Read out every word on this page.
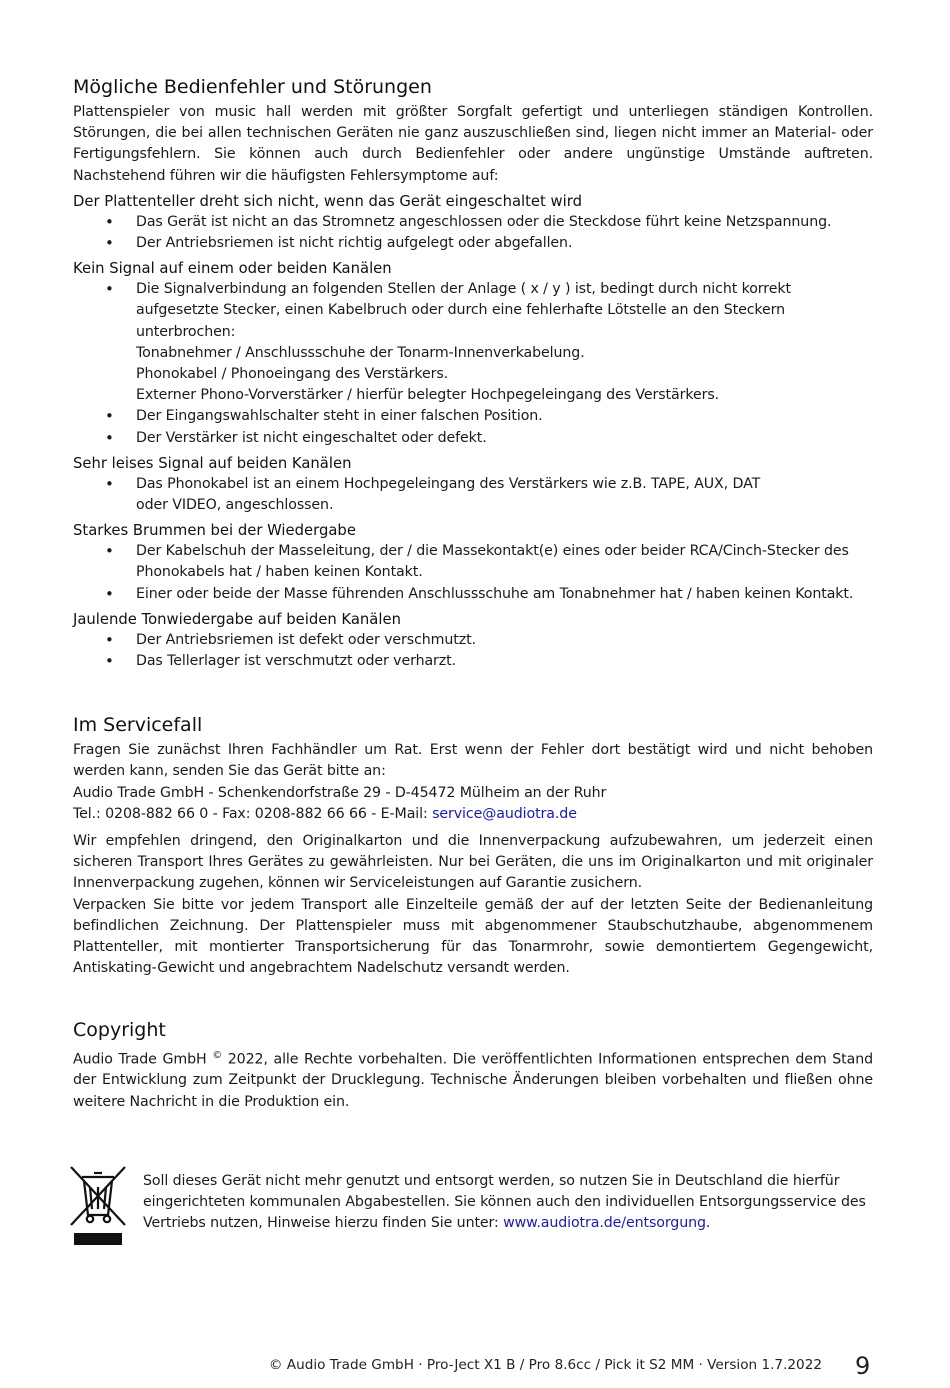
Mögliche Bedienfehler und Störungen

Plattenspieler von music hall werden mit größter Sorgfalt gefertigt und unterliegen ständigen Kontrollen. Störungen, die bei allen technischen Geräten nie ganz auszuschließen sind, liegen nicht immer an Material- oder Fertigungsfehlern. Sie können auch durch Bedienfehler oder andere ungünstige Umstände auftreten. Nachstehend führen wir die häufigsten Fehlersymptome auf:

Der Plattenteller dreht sich nicht, wenn das Gerät eingeschaltet wird
• Das Gerät ist nicht an das Stromnetz angeschlossen oder die Steckdose führt keine Netzspannung.
• Der Antriebsriemen ist nicht richtig aufgelegt oder abgefallen.
Kein Signal auf einem oder beiden Kanälen
• Die Signalverbindung an folgenden Stellen der Anlage ( x / y ) ist, bedingt durch nicht korrekt aufgesetzte Stecker, einen Kabelbruch oder durch eine fehlerhafte Lötstelle an den Steckern unterbrochen:
Tonabnehmer / Anschlussschuhe der Tonarm-Innenverkabelung.
Phonokabel / Phonoeingang des Verstärkers.
Externer Phono-Vorverstärker / hierfür belegter Hochpegeleingang des Verstärkers.
• Der Eingangswahlschalter steht in einer falschen Position.
• Der Verstärker ist nicht eingeschaltet oder defekt.
Sehr leises Signal auf beiden Kanälen
• Das Phonokabel ist an einem Hochpegeleingang des Verstärkers wie z.B. TAPE, AUX, DAT
oder VIDEO, angeschlossen.
Starkes Brummen bei der Wiedergabe
• Der Kabelschuh der Masseleitung, der / die Massekontakt(e) eines oder beider RCA/Cinch-Stecker des Phonokabels hat / haben keinen Kontakt.
• Einer oder beide der Masse führenden Anschlussschuhe am Tonabnehmer hat / haben keinen Kontakt.
Jaulende Tonwiedergabe auf beiden Kanälen
• Der Antriebsriemen ist defekt oder verschmutzt.
• Das Tellerlager ist verschmutzt oder verharzt.
Im Servicefall

Fragen Sie zunächst Ihren Fachhändler um Rat. Erst wenn der Fehler dort bestätigt wird und nicht behoben werden kann, senden Sie das Gerät bitte an:

Audio Trade GmbH - Schenkendorfstraße 29 - D-45472 Mülheim an der Ruhr

Tel.: 0208-882 66 0 - Fax: 0208-882 66 66 - E-Mail: service@audiotra.de

Wir empfehlen dringend, den Originalkarton und die Innenverpackung aufzubewahren, um jederzeit einen sicheren Transport Ihres Gerätes zu gewährleisten. Nur bei Geräten, die uns im Originalkarton und mit originaler Innenverpackung zugehen, können wir Serviceleistungen auf Garantie zusichern.

Verpacken Sie bitte vor jedem Transport alle Einzelteile gemäß der auf der letzten Seite der Bedienanleitung befindlichen Zeichnung. Der Plattenspieler muss mit abgenommener Staubschutzhaube, abgenommenem Plattenteller, mit montierter Transportsicherung für das Tonarmrohr, sowie demontiertem Gegengewicht, Antiskating-Gewicht und angebrachtem Nadelschutz versandt werden.

Copyright

Audio Trade GmbH © 2022, alle Rechte vorbehalten. Die veröffentlichten Informationen entsprechen dem Stand der Entwicklung zum Zeitpunkt der Drucklegung. Technische Änderungen bleiben vorbehalten und fließen ohne weitere Nachricht in die Produktion ein.

Soll dieses Gerät nicht mehr genutzt und entsorgt werden, so nutzen Sie in Deutschland die hierfür eingerichteten kommunalen Abgabestellen. Sie können auch den individuellen Entsorgungsservice des Vertriebs nutzen, Hinweise hierzu finden Sie unter: www.audiotra.de/entsorgung.
© Audio Trade GmbH · Pro-Ject X1 B / Pro 8.6cc / Pick it S2 MM · Version 1.7.2022 9
